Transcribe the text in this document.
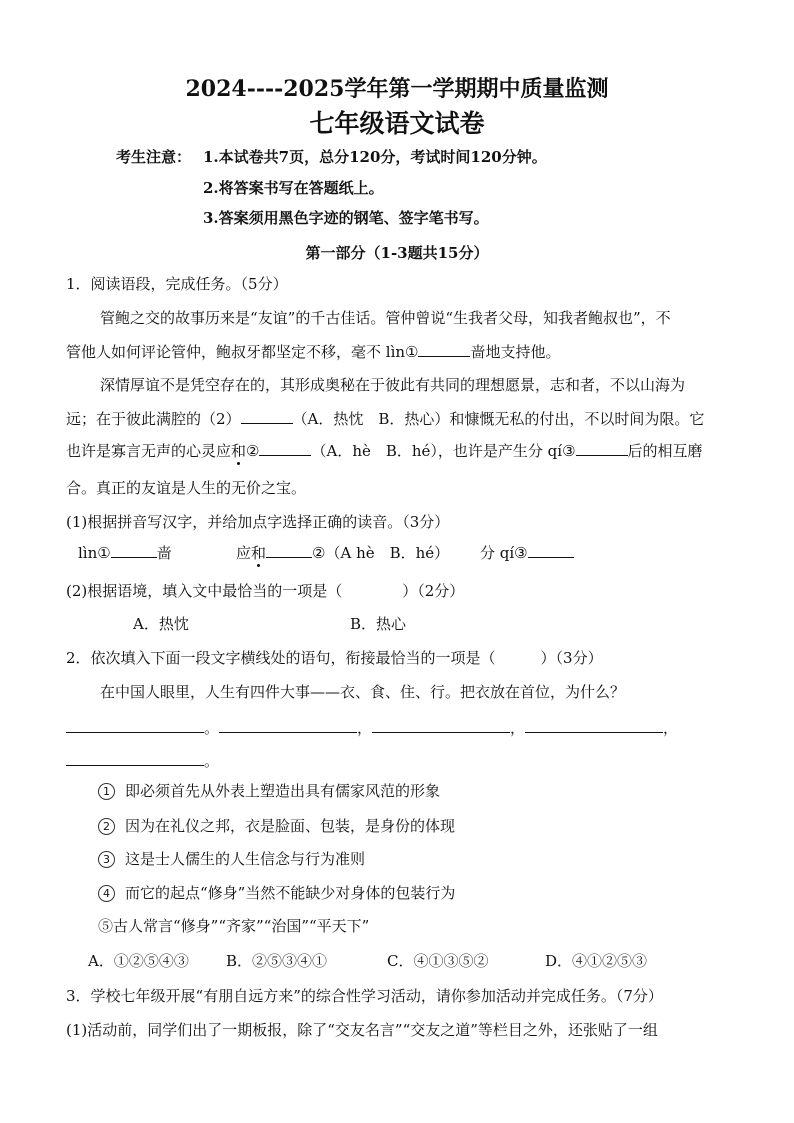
2024----2025学年第一学期期中质量监测
七年级语文试卷
考生注意： 1.本试卷共7页，总分120分，考试时间120分钟。
2.将答案书写在答题纸上。
3.答案须用黑色字迹的钢笔、签字笔书写。
第一部分（1-3题共15分）
1．阅读语段，完成任务。（5分）
管鲍之交的故事历来是“友谊”的千古佳话。管仲曾说“生我者父母，知我者鲍叔也”，不
管他人如何评论管仲，鲍叔牙都坚定不移，毫不 lìn①	啬地支持他。
深情厚谊不是凭空存在的，其形成奥秘在于彼此有共同的理想愿景，志和者，不以山海为
远；在于彼此满腔的（2）	（A．热忱　B．热心）和慷慨无私的付出，不以时间为限。它
也许是寡言无声的心灵应和②	（A．hè　B．hé），也许是产生分 qí③	后的相互磨
合。真正的友谊是人生的无价之宝。
(1)根据拼音写汉字，并给加点字选择正确的读音。（3分）
lìn①	啬	应和	②（A hè　B．hé） 分 qí③
(2)根据语境，填入文中最恰当的一项是（　　　　）（2分）
A．热忱	B．热心
2．依次填入下面一段文字横线处的语句，衔接最恰当的一项是（　　　）（3分）
在中国人眼里，人生有四件大事——衣、食、住、行。把衣放在首位，为什么？
。	，	，	，
。
1 即必须首先从外表上塑造出具有儒家风范的形象
2 因为在礼仪之邦，衣是脸面、包装，是身份的体现
3 这是士人儒生的人生信念与行为准则
4 而它的起点“修身”当然不能缺少对身体的包装行为
⑤古人常言“修身”“齐家”“治国”“平天下”
A．①②⑤④③ B．②⑤③④①	C．④①③⑤②	D．④①②⑤③
3．学校七年级开展“有朋自远方来”的综合性学习活动，请你参加活动并完成任务。（7分）
(1)活动前，同学们出了一期板报，除了“交友名言”“交友之道”等栏目之外，还张贴了一组
